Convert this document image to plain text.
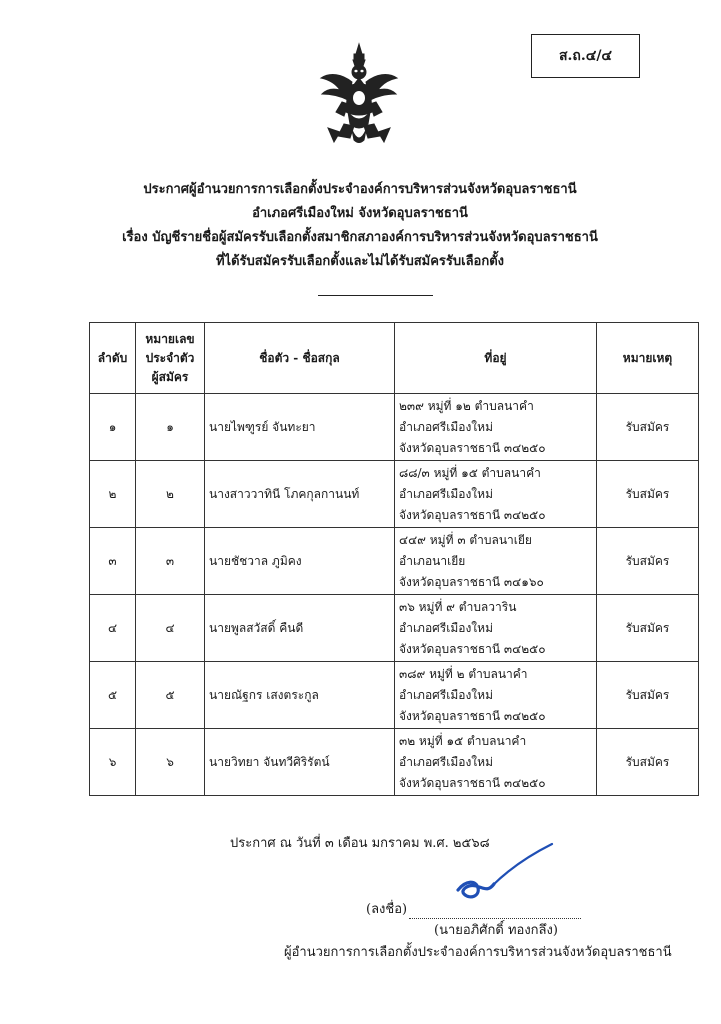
ส.ถ.๔/๔
ประกาศผู้อำนวยการการเลือกตั้งประจำองค์การบริหารส่วนจังหวัดอุบลราชธานี
อำเภอศรีเมืองใหม่ จังหวัดอุบลราชธานี
เรื่อง บัญชีรายชื่อผู้สมัครรับเลือกตั้งสมาชิกสภาองค์การบริหารส่วนจังหวัดอุบลราชธานี
ที่ได้รับสมัครรับเลือกตั้งและไม่ได้รับสมัครรับเลือกตั้ง
ลำดับ	หมายเลข
ประจำตัว
ผู้สมัคร	ชื่อตัว - ชื่อสกุล	ที่อยู่	หมายเหตุ
๑	๑	นายไพฑูรย์ จันทะยา	๒๓๙ หมู่ที่ ๑๒ ตำบลนาคำ
อำเภอศรีเมืองใหม่
จังหวัดอุบลราชธานี ๓๔๒๕๐	รับสมัคร
๒	๒	นางสาววาทินี โภคกุลกานนท์	๘๘/๓ หมู่ที่ ๑๕ ตำบลนาคำ
อำเภอศรีเมืองใหม่
จังหวัดอุบลราชธานี ๓๔๒๕๐	รับสมัคร
๓	๓	นายชัชวาล ภูมิคง	๔๔๙ หมู่ที่ ๓ ตำบลนาเยีย
อำเภอนาเยีย
จังหวัดอุบลราชธานี ๓๔๑๖๐	รับสมัคร
๔	๔	นายพูลสวัสดิ์ คืนดี	๓๖ หมู่ที่ ๙ ตำบลวาริน
อำเภอศรีเมืองใหม่
จังหวัดอุบลราชธานี ๓๔๒๕๐	รับสมัคร
๕	๕	นายณัฐกร เสงตระกูล	๓๘๙ หมู่ที่ ๒ ตำบลนาคำ
อำเภอศรีเมืองใหม่
จังหวัดอุบลราชธานี ๓๔๒๕๐	รับสมัคร
๖	๖	นายวิทยา จันทวีศิริรัตน์	๓๒ หมู่ที่ ๑๕ ตำบลนาคำ
อำเภอศรีเมืองใหม่
จังหวัดอุบลราชธานี ๓๔๒๕๐	รับสมัคร
ประกาศ ณ วันที่ ๓ เดือน มกราคม พ.ศ. ๒๕๖๘
(ลงชื่อ)
(นายอภิศักดิ์ ทองกลึง)
ผู้อำนวยการการเลือกตั้งประจำองค์การบริหารส่วนจังหวัดอุบลราชธานี
